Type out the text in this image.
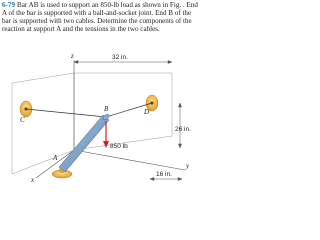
6-79 Bar AB is used to support an 850-lb load as shown in Fig. . End A of the bar is supported with a ball-and-socket joint. End B of the bar is supported with two cables. Determine the components of the reaction at support A and the tensions in the two cables.

z
x
y
850 lb
A
B
C
D
32 in.
26 in.
16 in.
